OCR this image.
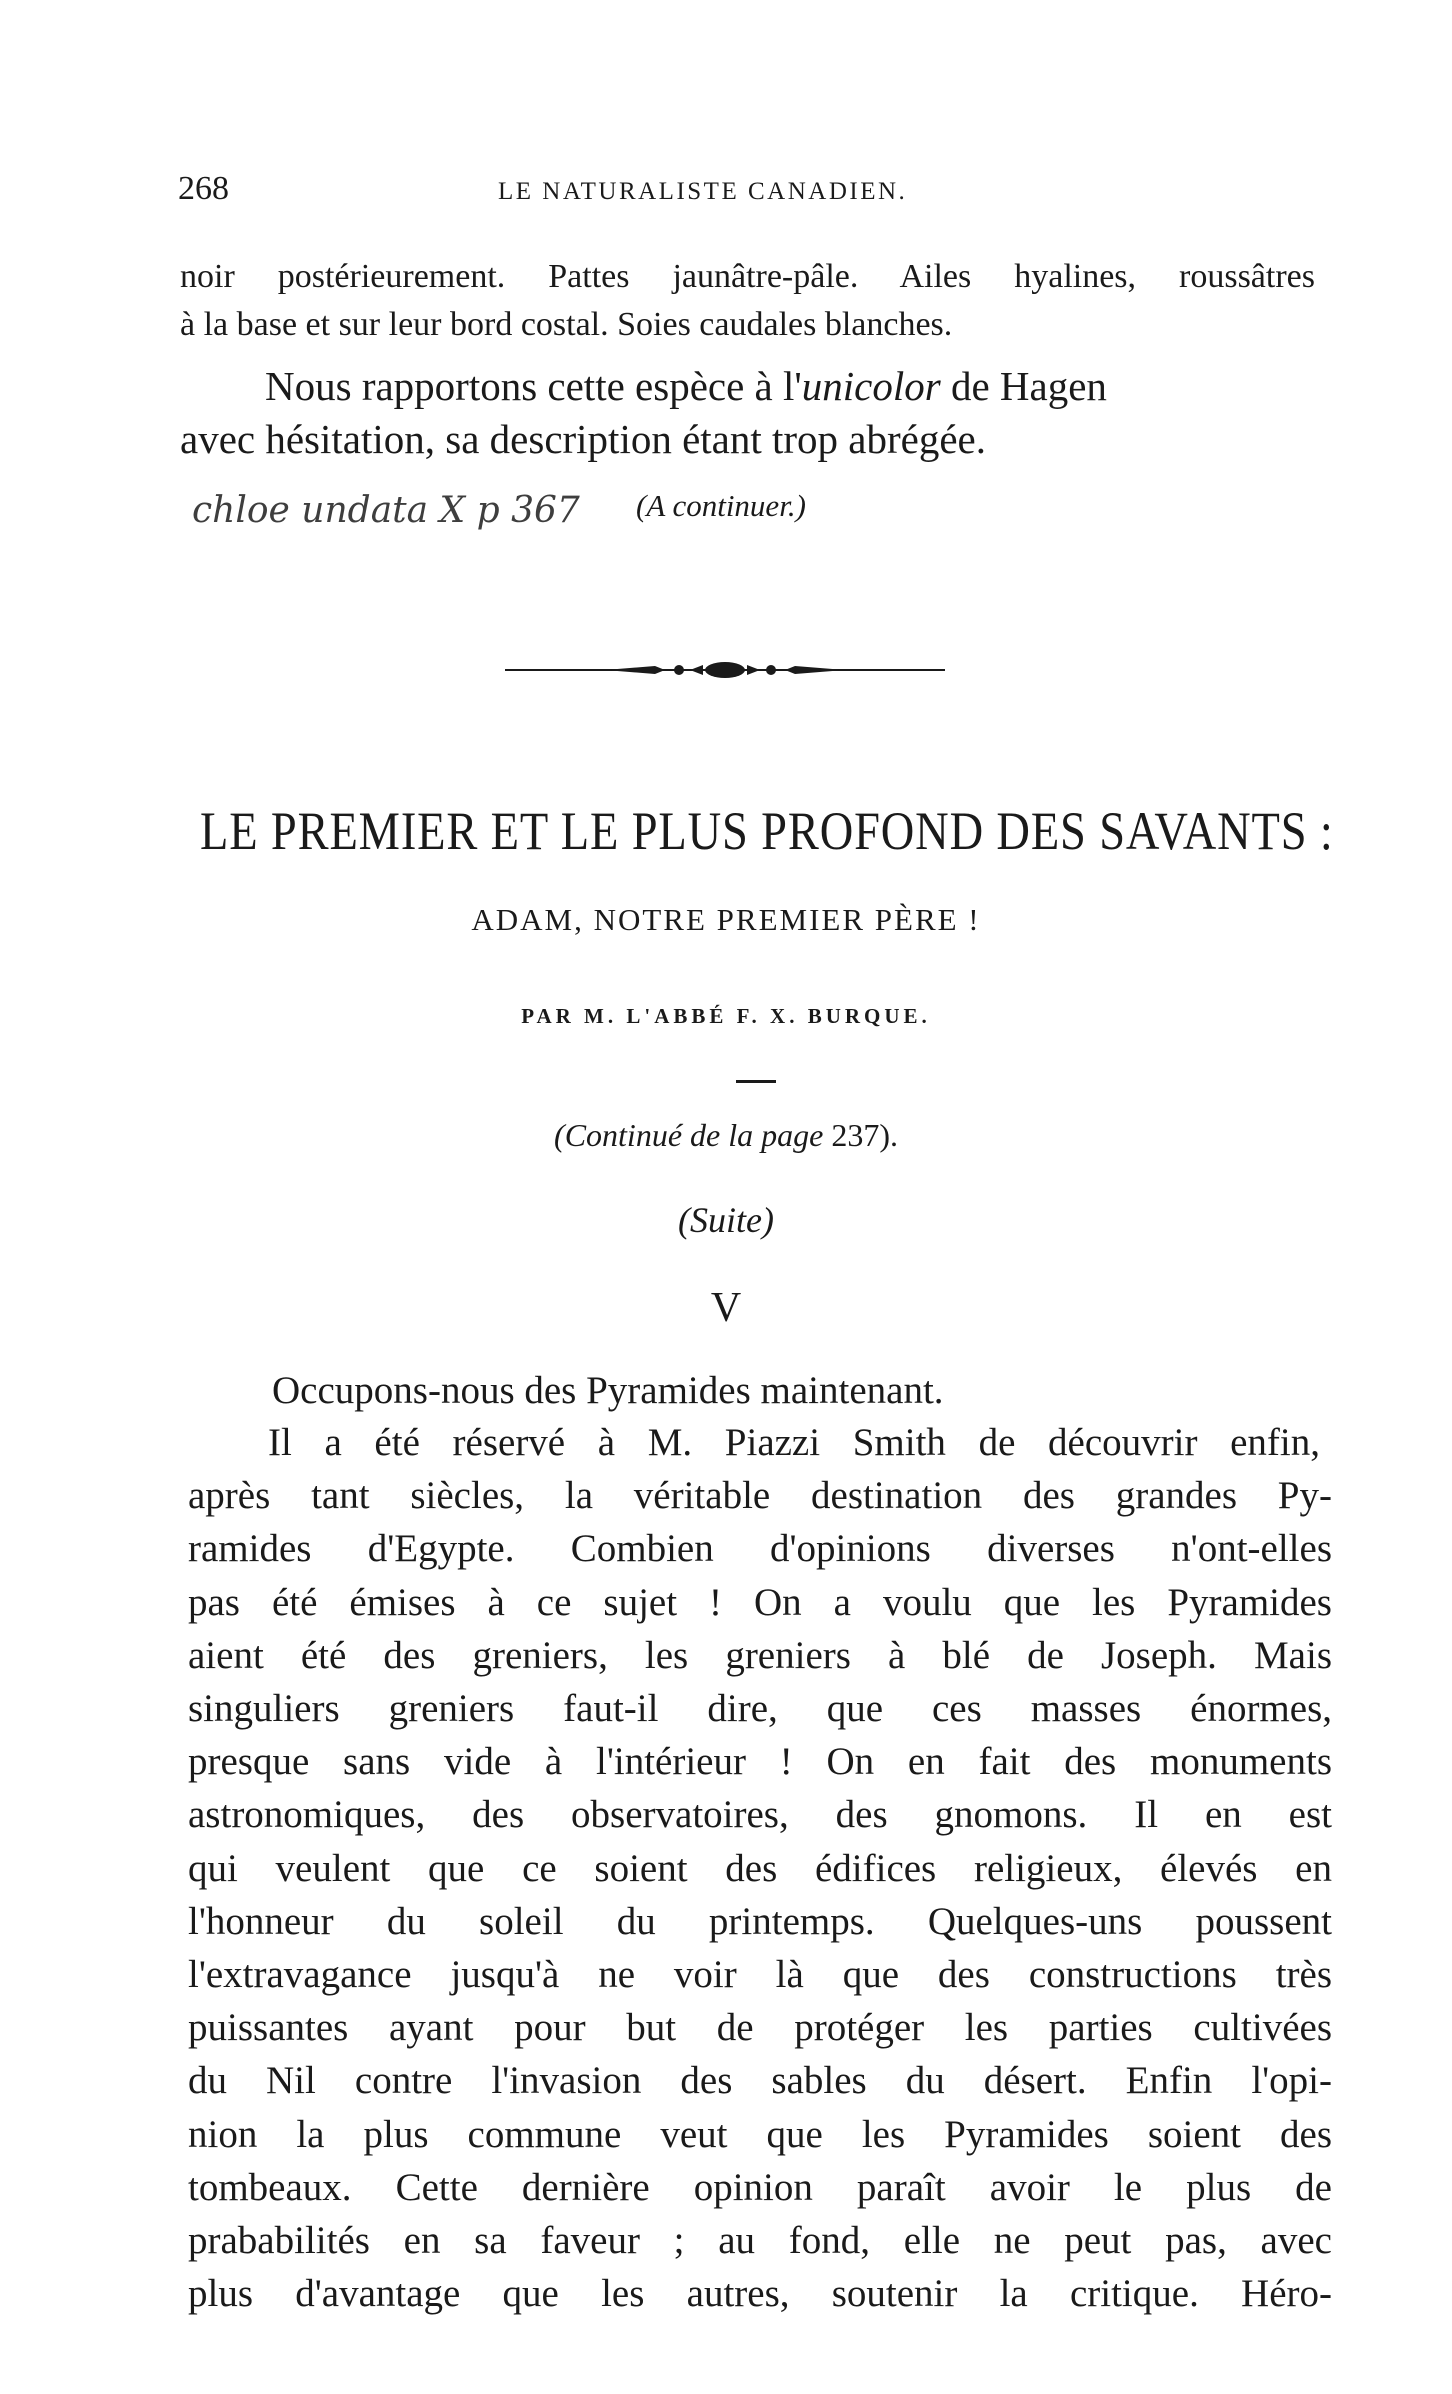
268	LE NATURALISTE CANADIEN.
noir postérieurement. Pattes jaunâtre-pâle. Ailes hyalines, roussâtres
à la base et sur leur bord costal. Soies caudales blanches.
Nous rapportons cette espèce à l'unicolor de Hagen
avec hésitation, sa description étant trop abrégée.
chloe undata X p 367 (A continuer.)
LE PREMIER ET LE PLUS PROFOND DES SAVANTS :
ADAM, NOTRE PREMIER PÈRE !
PAR M. L'ABBÉ F. X. BURQUE.
(Continué de la page 237).
(Suite)
V
Occupons-nous des Pyramides maintenant.
Il a été réservé à M. Piazzi Smith de découvrir enfin,
après tant siècles, la véritable destination des grandes Py-
ramides d'Egypte. Combien d'opinions diverses n'ont-elles
pas été émises à ce sujet ! On a voulu que les Pyramides
aient été des greniers, les greniers à blé de Joseph. Mais
singuliers greniers faut-il dire, que ces masses énormes,
presque sans vide à l'intérieur ! On en fait des monuments
astronomiques, des observatoires, des gnomons. Il en est
qui veulent que ce soient des édifices religieux, élevés en
l'honneur du soleil du printemps. Quelques-uns poussent
l'extravagance jusqu'à ne voir là que des constructions très
puissantes ayant pour but de protéger les parties cultivées
du Nil contre l'invasion des sables du désert. Enfin l'opi-
nion la plus commune veut que les Pyramides soient des
tombeaux. Cette dernière opinion paraît avoir le plus de
prababilités en sa faveur ; au fond, elle ne peut pas, avec
plus d'avantage que les autres, soutenir la critique. Héro-
